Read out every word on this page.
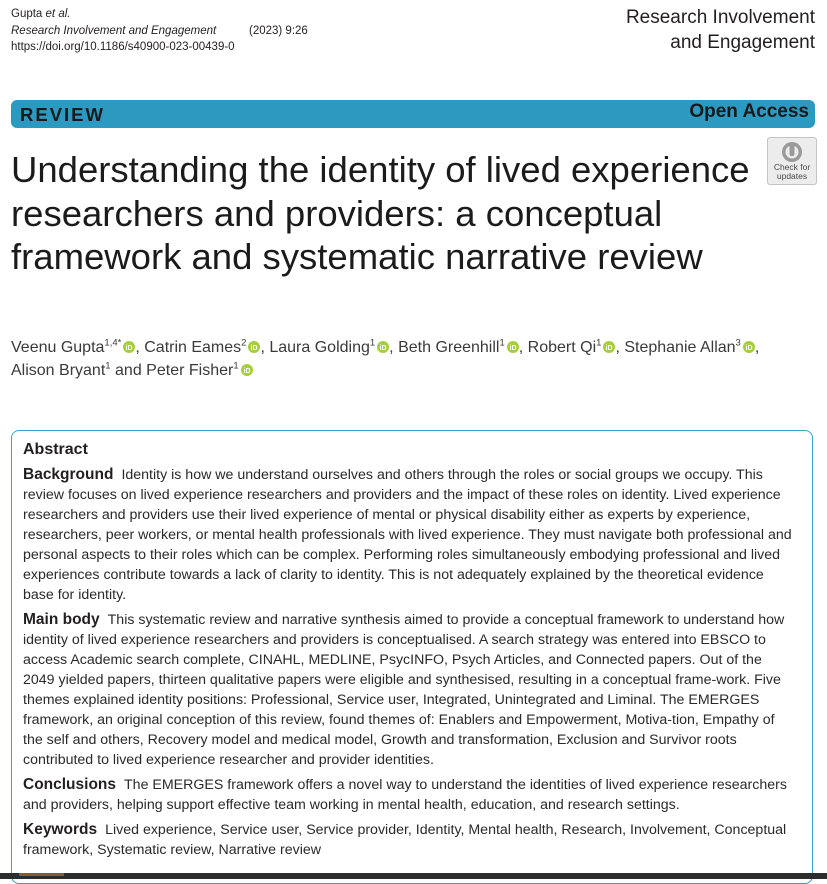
Gupta et al.
Research Involvement and Engagement	(2023) 9:26
https://doi.org/10.1186/s40900-023-00439-0
Research Involvement
and Engagement
REVIEW	Open Access
Check for
updates
Understanding the identity of lived experience researchers and providers: a conceptual framework and systematic narrative review
Veenu Gupta$^{1,4*}$ iD , Catrin Eames$^2$ iD , Laura Golding$^1$ iD , Beth Greenhill$^1$ iD , Robert Qi$^1$ iD , Stephanie Allan$^3$ iD ,
Alison Bryant$^1$ and Peter Fisher$^1$ iD
Abstract

Background Identity is how we understand ourselves and others through the roles or social groups we occupy. This review focuses on lived experience researchers and providers and the impact of these roles on identity. Lived experience researchers and providers use their lived experience of mental or physical disability either as experts by experience, researchers, peer workers, or mental health professionals with lived experience. They must navigate both professional and personal aspects to their roles which can be complex. Performing roles simultaneously embodying professional and lived experiences contribute towards a lack of clarity to identity. This is not adequately explained by the theoretical evidence base for identity.

Main body This systematic review and narrative synthesis aimed to provide a conceptual framework to understand how identity of lived experience researchers and providers is conceptualised. A search strategy was entered into EBSCO to access Academic search complete, CINAHL, MEDLINE, PsycINFO, Psych Articles, and Connected papers. Out of the 2049 yielded papers, thirteen qualitative papers were eligible and synthesised, resulting in a conceptual frame-work. Five themes explained identity positions: Professional, Service user, Integrated, Unintegrated and Liminal. The EMERGES framework, an original conception of this review, found themes of: Enablers and Empowerment, Motiva-tion, Empathy of the self and others, Recovery model and medical model, Growth and transformation, Exclusion and Survivor roots contributed to lived experience researcher and provider identities.

Conclusions The EMERGES framework offers a novel way to understand the identities of lived experience researchers and providers, helping support effective team working in mental health, education, and research settings.

Keywords Lived experience, Service user, Service provider, Identity, Mental health, Research, Involvement, Conceptual framework, Systematic review, Narrative review
